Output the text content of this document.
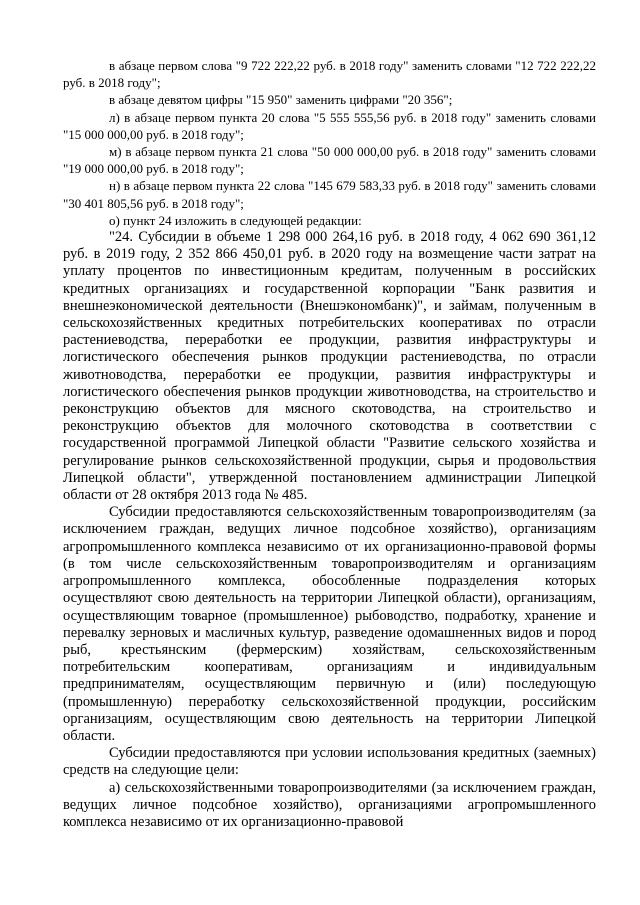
в абзаце первом слова "9 722 222,22 руб. в 2018 году" заменить словами "12 722 222,22 руб. в 2018 году";

в абзаце девятом цифры "15 950" заменить цифрами "20 356";

л) в абзаце первом пункта 20 слова "5 555 555,56 руб. в 2018 году" заменить словами "15 000 000,00 руб. в 2018 году";

м) в абзаце первом пункта 21 слова "50 000 000,00 руб. в 2018 году" заменить словами "19 000 000,00 руб. в 2018 году";

н) в абзаце первом пункта 22 слова "145 679 583,33 руб. в 2018 году" заменить словами "30 401 805,56 руб. в 2018 году";

о) пункт 24 изложить в следующей редакции:

"24. Субсидии в объеме 1 298 000 264,16 руб. в 2018 году, 4 062 690 361,12 руб. в 2019 году, 2 352 866 450,01 руб. в 2020 году на возмещение части затрат на уплату процентов по инвестиционным кредитам, полученным в российских кредитных организациях и государственной корпорации "Банк развития и внешнеэкономической деятельности (Внешэкономбанк)", и займам, полученным в сельскохозяйственных кредитных потребительских кооперативах по отрасли растениеводства, переработки ее продукции, развития инфраструктуры и логистического обеспечения рынков продукции растениеводства, по отрасли животноводства, переработки ее продукции, развития инфраструктуры и логистического обеспечения рынков продукции животноводства, на строительство и реконструкцию объектов для мясного скотоводства, на строительство и реконструкцию объектов для молочного скотоводства в соответствии с государственной программой Липецкой области "Развитие сельского хозяйства и регулирование рынков сельскохозяйственной продукции, сырья и продовольствия Липецкой области", утвержденной постановлением администрации Липецкой области от 28 октября 2013 года № 485.

Субсидии предоставляются сельскохозяйственным товаропроизводителям (за исключением граждан, ведущих личное подсобное хозяйство), организациям агропромышленного комплекса независимо от их организационно-правовой формы (в том числе сельскохозяйственным товаропроизводителям и организациям агропромышленного комплекса, обособленные подразделения которых осуществляют свою деятельность на территории Липецкой области), организациям, осуществляющим товарное (промышленное) рыбоводство, подработку, хранение и перевалку зерновых и масличных культур, разведение одомашненных видов и пород рыб, крестьянским (фермерским) хозяйствам, сельскохозяйственным потребительским кооперативам, организациям и индивидуальным предпринимателям, осуществляющим первичную и (или) последующую (промышленную) переработку сельскохозяйственной продукции, российским организациям, осуществляющим свою деятельность на территории Липецкой области.

Субсидии предоставляются при условии использования кредитных (заемных) средств на следующие цели:

а) сельскохозяйственными товаропроизводителями (за исключением граждан, ведущих личное подсобное хозяйство), организациями агропромышленного комплекса независимо от их организационно-правовой
